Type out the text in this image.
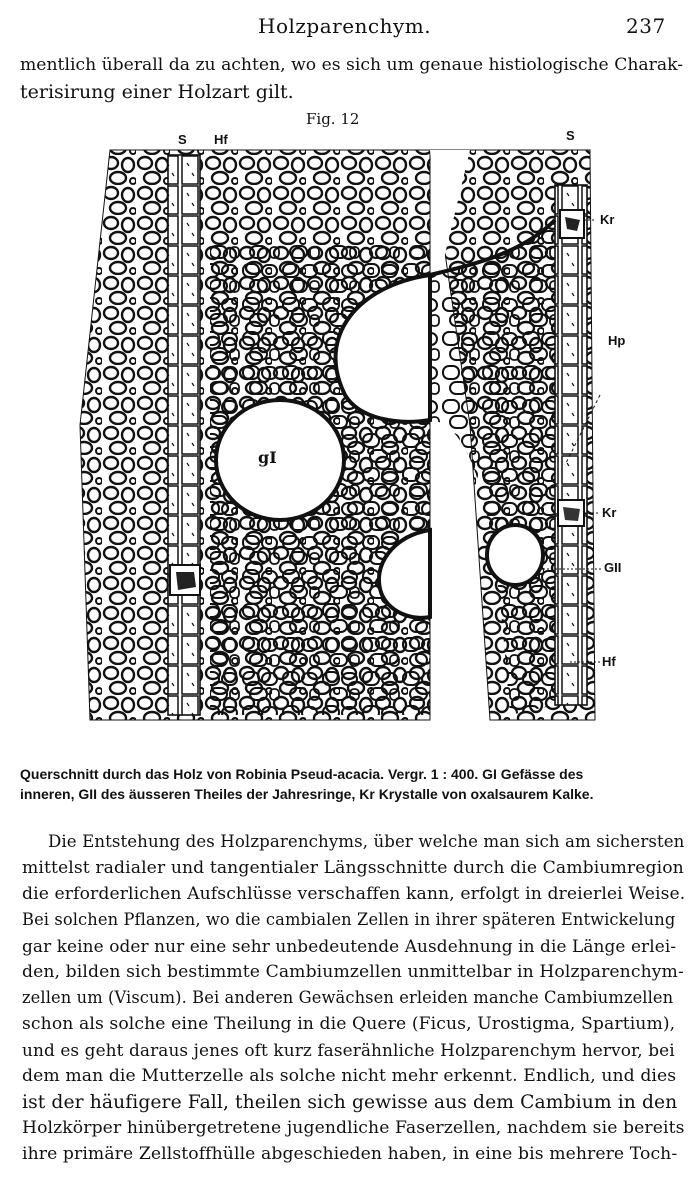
Holzparenchym.	237
mentlich überall da zu achten, wo es sich um genaue histiologische Charak-
terisirung einer Holzart gilt.
Fig. 12
S Hf	S
Kr
Hp
gI
Kr
GII
Hf
Querschnitt durch das Holz von Robinia Pseud-acacia. Vergr. 1 : 400. GI Gefässe des
inneren, GII des äusseren Theiles der Jahresringe, Kr Krystalle von oxalsaurem Kalke.
Die Entstehung des Holzparenchyms, über welche man sich am sichersten
mittelst radialer und tangentialer Längsschnitte durch die Cambiumregion
die erforderlichen Aufschlüsse verschaffen kann, erfolgt in dreierlei Weise.
Bei solchen Pflanzen, wo die cambialen Zellen in ihrer späteren Entwickelung
gar keine oder nur eine sehr unbedeutende Ausdehnung in die Länge erlei-
den, bilden sich bestimmte Cambiumzellen unmittelbar in Holzparenchym-
zellen um (Viscum). Bei anderen Gewächsen erleiden manche Cambiumzellen
schon als solche eine Theilung in die Quere (Ficus, Urostigma, Spartium),
und es geht daraus jenes oft kurz faserähnliche Holzparenchym hervor, bei
dem man die Mutterzelle als solche nicht mehr erkennt. Endlich, und dies
ist der häufigere Fall, theilen sich gewisse aus dem Cambium in den
Holzkörper hinübergetretene jugendliche Faserzellen, nachdem sie bereits
ihre primäre Zellstoffhülle abgeschieden haben, in eine bis mehrere Toch-
